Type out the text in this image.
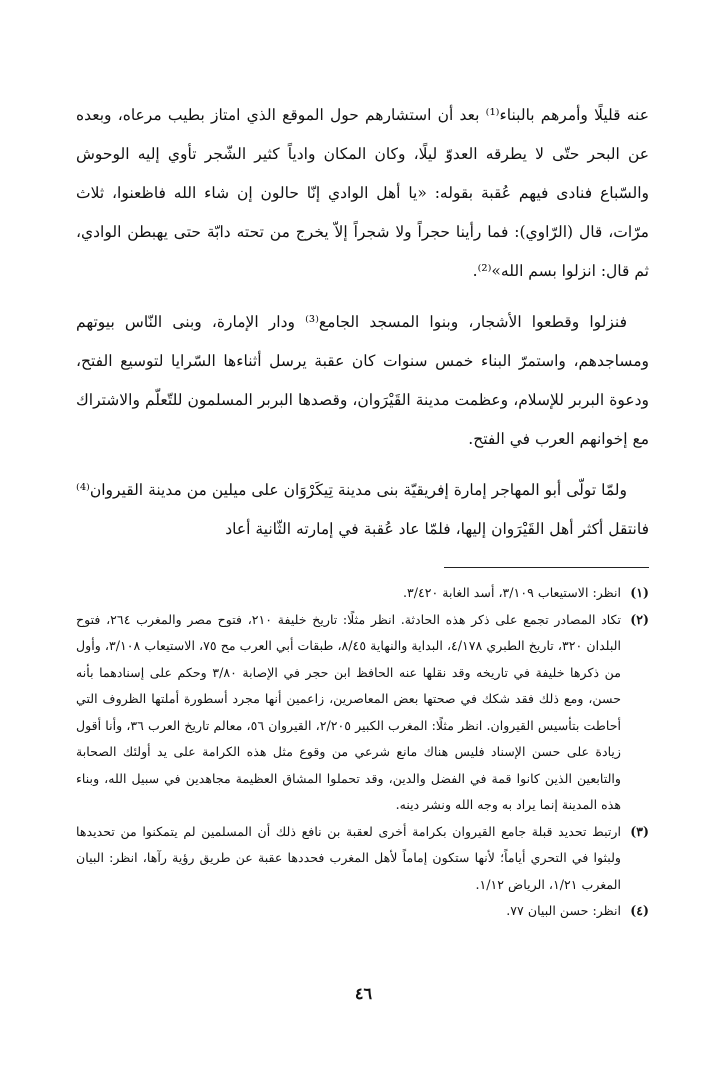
عنه قليلًا وأمرهم بالبناء⁽¹⁾ بعد أن استشارهم حول الموقع الذي امتاز بطيب مرعاه، وبعده عن البحر حتّى لا يطرقه العدوّ ليلًا، وكان المكان وادياً كثير الشّجر تأوي إليه الوحوش والسّباع فنادى فيهم عُقبة بقوله: «يا أهل الوادي إنّا حالون إن شاء الله فاظعنوا، ثلاث مرّات، قال (الرّاوي): فما رأينا حجراً ولا شجراً إلاّ يخرج من تحته دابّة حتى يهبطن الوادي، ثم قال: انزلوا بسم الله»⁽²⁾.

فنزلوا وقطعوا الأشجار، وبنوا المسجد الجامع⁽³⁾ ودار الإمارة، وبنى النّاس بيوتهم ومساجدهم، واستمرّ البناء خمس سنوات كان عقبة يرسل أثناءها السّرايا لتوسيع الفتح، ودعوة البربر للإسلام، وعظمت مدينة القَيْرَوان، وقصدها البربر المسلمون للتّعلّم والاشتراك مع إخوانهم العرب في الفتح.

ولمّا تولّى أبو المهاجر إمارة إفريقيّة بنى مدينة تِيكَرْوَان على ميلين من مدينة القيروان⁽⁴⁾ فانتقل أكثر أهل القَيْرَوان إليها، فلمّا عاد عُقبة في إمارته الثّانية أعاد

(١)
انظر: الاستيعاب ٣/١٠٩، أسد الغابة ٣/٤٢٠.
(٢)
تكاد المصادر تجمع على ذكر هذه الحادثة. انظر مثلًا: تاريخ خليفة ٢١٠، فتوح مصر والمغرب ٢٦٤، فتوح البلدان ٣٢٠، تاريخ الطبري ٤/١٧٨، البداية والنهاية ٨/٤٥، طبقات أبي العرب مح ٧٥، الاستيعاب ٣/١٠٨، وأول من ذكرها خليفة في تاريخه وقد نقلها عنه الحافظ ابن حجر في الإصابة ٣/٨٠ وحكم على إسنادهما بأنه حسن، ومع ذلك فقد شكك في صحتها بعض المعاصرين، زاعمين أنها مجرد أسطورة أملتها الظروف التي أحاطت بتأسيس القيروان. انظر مثلًا: المغرب الكبير ٢/٢٠٥، القيروان ٥٦، معالم تاريخ العرب ٣٦، وأنا أقول زيادة على حسن الإسناد فليس هناك مانع شرعي من وقوع مثل هذه الكرامة على يد أولئك الصحابة والتابعين الذين كانوا قمة في الفضل والدين، وقد تحملوا المشاق العظيمة مجاهدين في سبيل الله، وبناء هذه المدينة إنما يراد به وجه الله ونشر دينه.
(٣)
ارتبط تحديد قبلة جامع القيروان بكرامة أخرى لعقبة بن نافع ذلك أن المسلمين لم يتمكنوا من تحديدها ولبثوا في التحري أياماً؛ لأنها ستكون إماماً لأهل المغرب فحددها عقبة عن طريق رؤية رآها، انظر: البيان المغرب ١/٢١، الرياض ١/١٢.
(٤)
انظر: حسن البيان ٧٧.
٤٦
